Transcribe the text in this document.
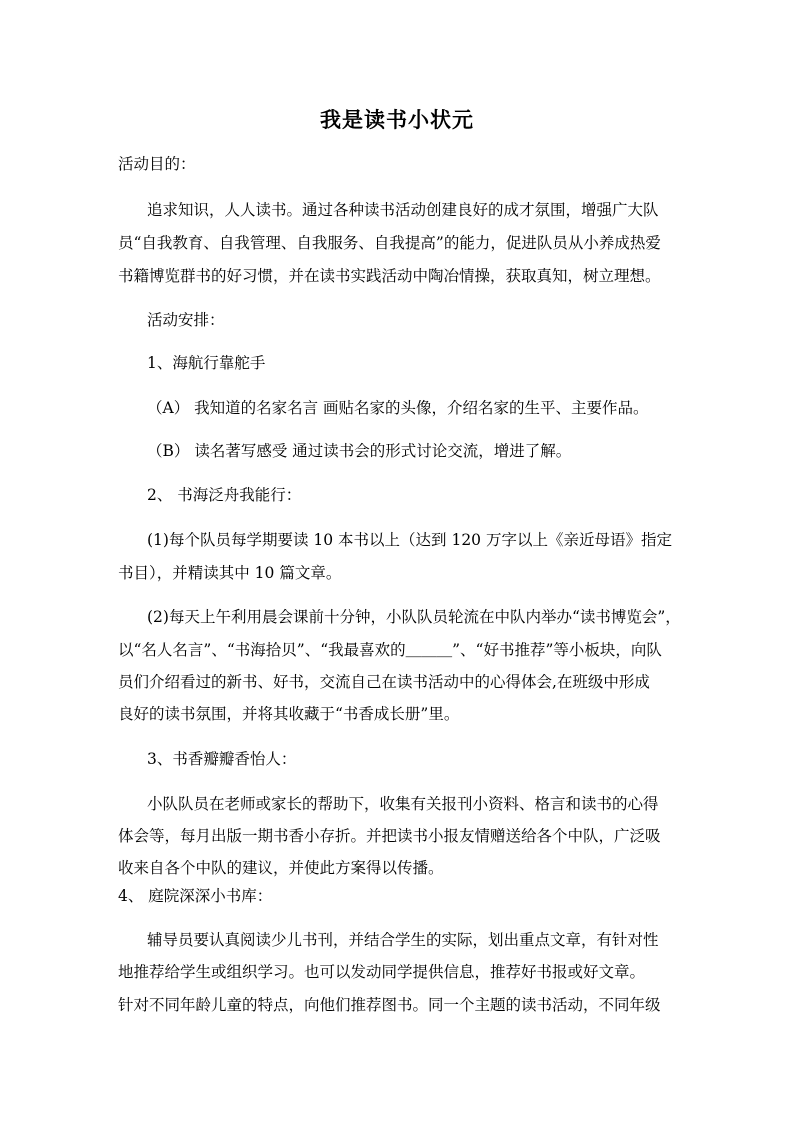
我是读书小状元
活动目的：
追求知识，人人读书。通过各种读书活动创建良好的成才氛围，增强广大队
员“自我教育、自我管理、自我服务、自我提高”的能力，促进队员从小养成热爱
书籍博览群书的好习惯，并在读书实践活动中陶冶情操，获取真知，树立理想。
活动安排：
1、海航行靠舵手
（A） 我知道的名家名言 画贴名家的头像，介绍名家的生平、主要作品。
（B） 读名著写感受 通过读书会的形式讨论交流，增进了解。
2、 书海泛舟我能行：
(1)每个队员每学期要读 10 本书以上（达到 120 万字以上《亲近母语》指定
书目），并精读其中 10 篇文章。
(2)每天上午利用晨会课前十分钟，小队队员轮流在中队内举办“读书博览会”，
以“名人名言”、“书海拾贝”、“我最喜欢的＿＿＿”、“好书推荐”等小板块，向队
员们介绍看过的新书、好书，交流自己在读书活动中的心得体会,在班级中形成
良好的读书氛围，并将其收藏于“书香成长册”里。
3、书香瓣瓣香怡人：
小队队员在老师或家长的帮助下，收集有关报刊小资料、格言和读书的心得
体会等，每月出版一期书香小存折。并把读书小报友情赠送给各个中队，广泛吸
收来自各个中队的建议，并使此方案得以传播。
4、 庭院深深小书库：
辅导员要认真阅读少儿书刊，并结合学生的实际，划出重点文章，有针对性
地推荐给学生或组织学习。也可以发动同学提供信息，推荐好书报或好文章。
针对不同年龄儿童的特点，向他们推荐图书。同一个主题的读书活动，不同年级
